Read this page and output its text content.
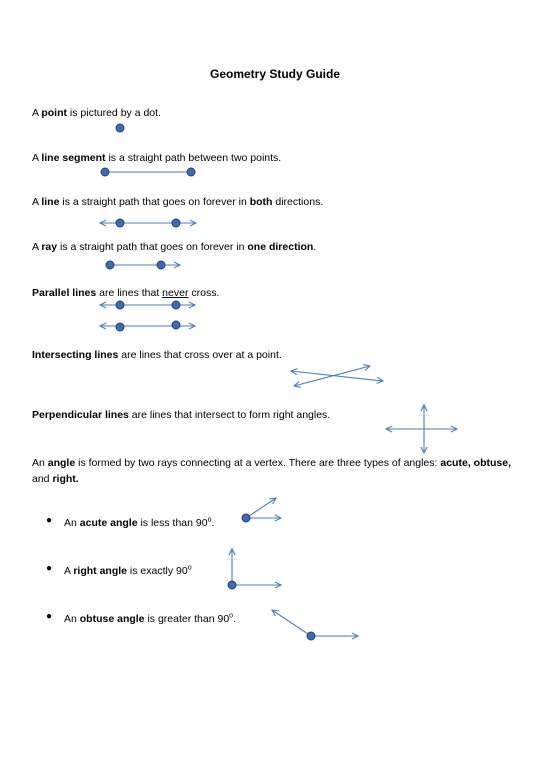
Geometry Study Guide
A point is pictured by a dot.
A line segment is a straight path between two points.
A line is a straight path that goes on forever in both directions.
A ray is a straight path that goes on forever in one direction.
Parallel lines are lines that never cross.
Intersecting lines are lines that cross over at a point.
Perpendicular lines are lines that intersect to form right angles.
An angle is formed by two rays connecting at a vertex. There are three types of angles: acute, obtuse, and right.
● An acute angle is less than 90$^o$.
● A right angle is exactly 90$^o$
● An obtuse angle is greater than 90$^o$.
